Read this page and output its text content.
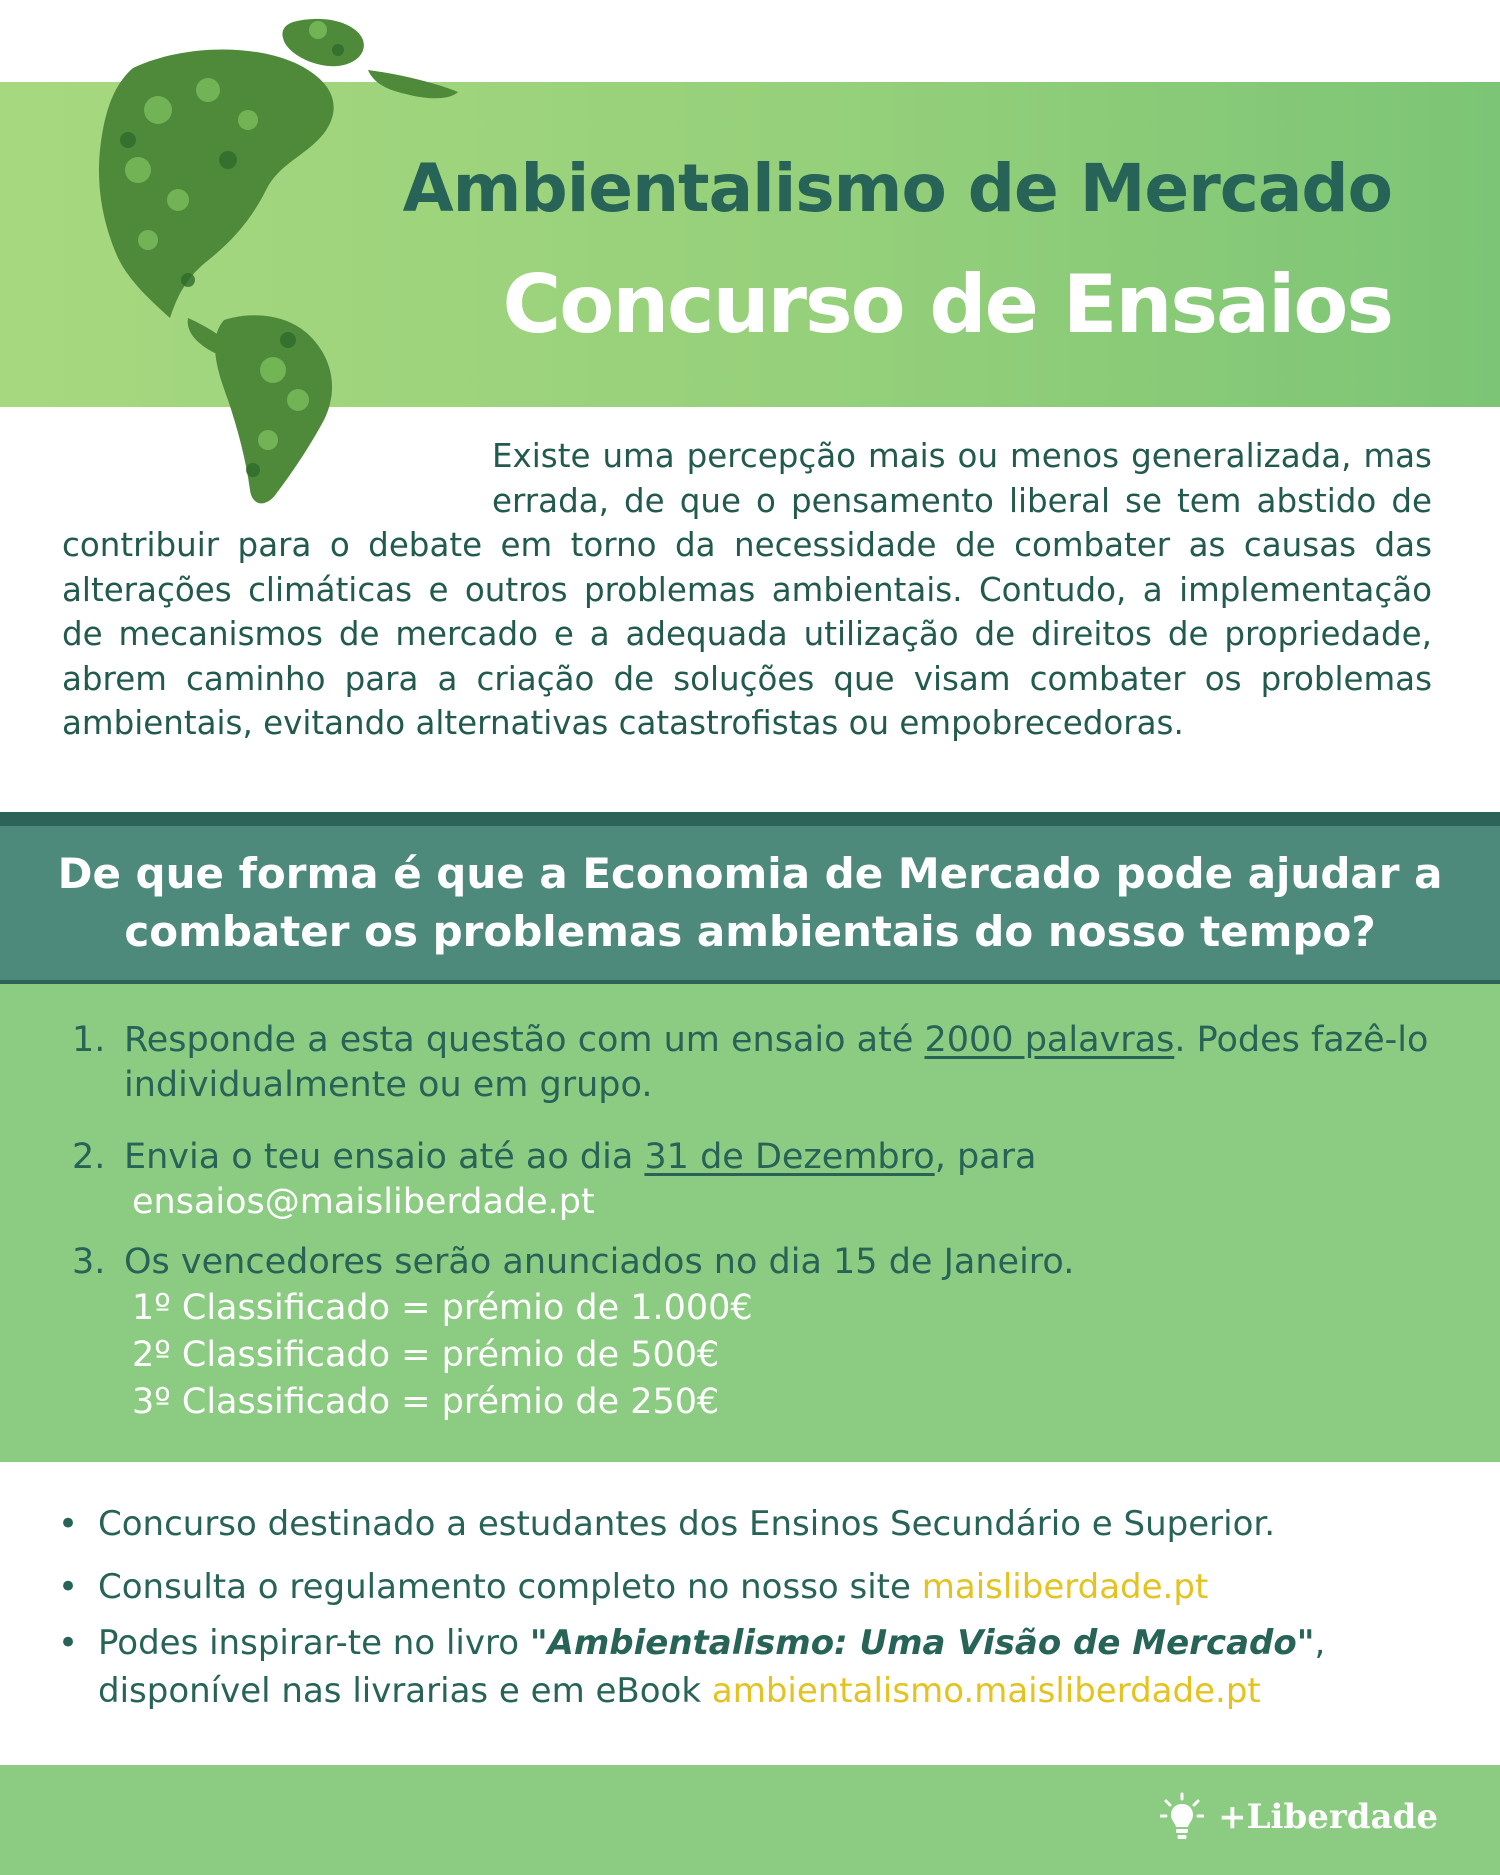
Ambientalismo de Mercado
Concurso de Ensaios

Existe uma percepção mais ou menos generalizada, mas errada, de que o pensamento liberal se tem abstido de contribuir para o debate em torno da necessidade de combater as causas das alterações climáticas e outros problemas ambientais. Contudo, a implementação de mecanismos de mercado e a adequada utilização de direitos de propriedade, abrem caminho para a criação de soluções que visam combater os problemas ambientais, evitando alternativas catastrofistas ou empobrecedoras.

De que forma é que a Economia de Mercado pode ajudar a combater os problemas ambientais do nosso tempo?
1. Responde a esta questão com um ensaio até 2000 palavras. Podes fazê-lo individualmente ou em grupo.
2. Envia o teu ensaio até ao dia 31 de Dezembro, para
ensaios@maisliberdade.pt
3. Os vencedores serão anunciados no dia 15 de Janeiro.
1º Classificado = prémio de 1.000€
2º Classificado = prémio de 500€
3º Classificado = prémio de 250€
• Concurso destinado a estudantes dos Ensinos Secundário e Superior.
• Consulta o regulamento completo no nosso site maisliberdade.pt
• Podes inspirar-te no livro "Ambientalismo: Uma Visão de Mercado", disponível nas livrarias e em eBook ambientalismo.maisliberdade.pt
+Liberdade
